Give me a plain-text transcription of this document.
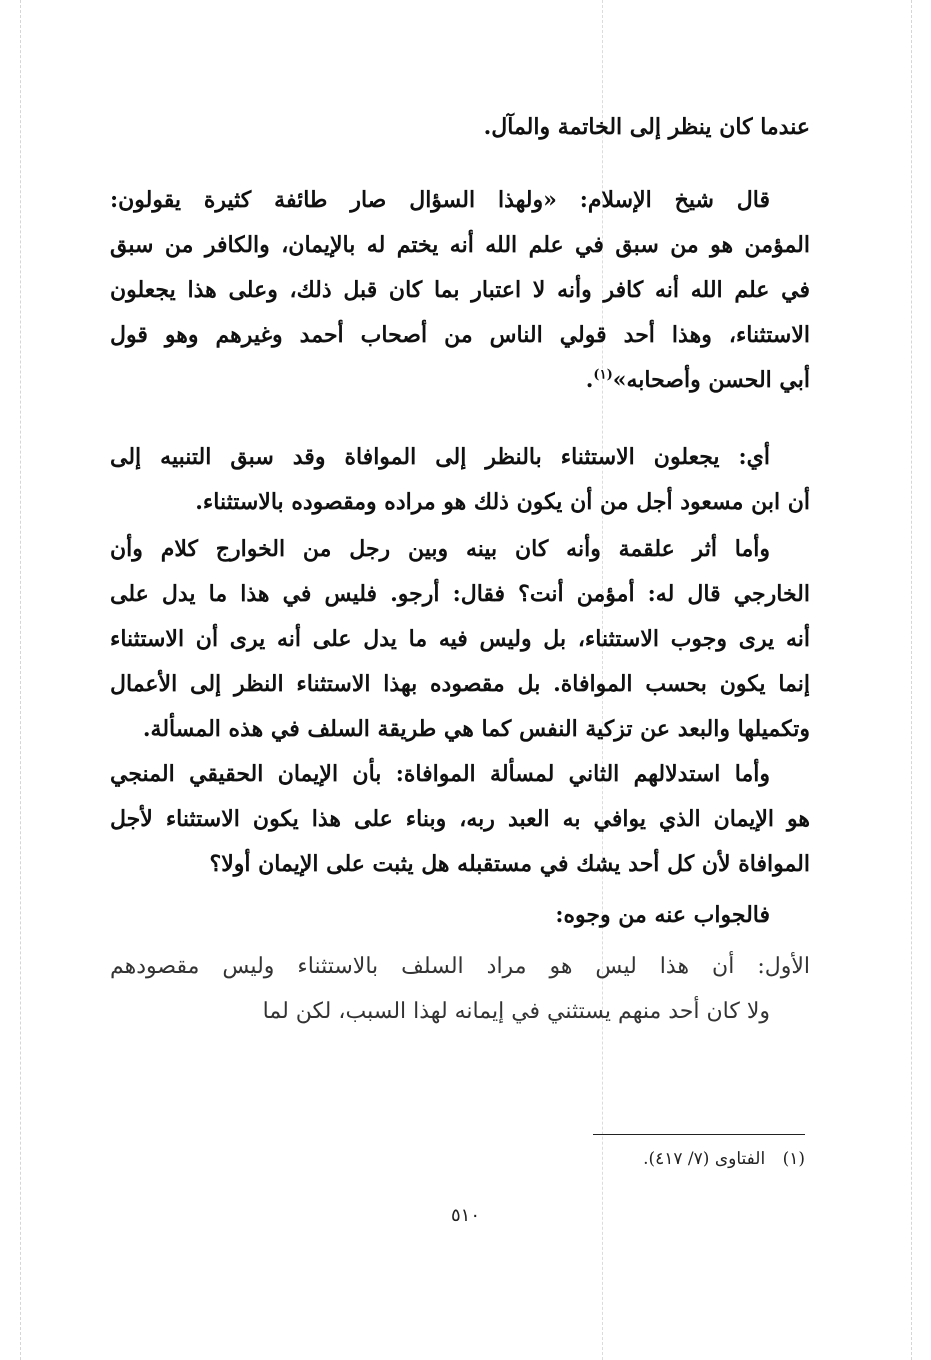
عندما كان ينظر إلى الخاتمة والمآل.

قال شيخ الإسلام: «ولهذا السؤال صار طائفة كثيرة يقولون:
المؤمن هو من سبق في علم الله أنه يختم له بالإيمان، والكافر من سبق
في علم الله أنه كافر وأنه لا اعتبار بما كان قبل ذلك، وعلى هذا يجعلون
الاستثناء، وهذا أحد قولي الناس من أصحاب أحمد وغيرهم وهو قول
أبي الحسن وأصحابه»$^{(١)}$.

أي: يجعلون الاستثناء بالنظر إلى الموافاة وقد سبق التنبيه إلى
أن ابن مسعود أجل من أن يكون ذلك هو مراده ومقصوده بالاستثناء.

وأما أثر علقمة وأنه كان بينه وبين رجل من الخوارج كلام وأن
الخارجي قال له: أمؤمن أنت؟ فقال: أرجو. فليس في هذا ما يدل على
أنه يرى وجوب الاستثناء، بل وليس فيه ما يدل على أنه يرى أن الاستثناء
إنما يكون بحسب الموافاة. بل مقصوده بهذا الاستثناء النظر إلى الأعمال
وتكميلها والبعد عن تزكية النفس كما هي طريقة السلف في هذه المسألة.

وأما استدلالهم الثاني لمسألة الموافاة: بأن الإيمان الحقيقي المنجي
هو الإيمان الذي يوافي به العبد ربه، وبناء على هذا يكون الاستثناء لأجل
الموافاة لأن كل أحد يشك في مستقبله هل يثبت على الإيمان أولا؟

فالجواب عنه من وجوه:

الأول: أن هذا ليس هو مراد السلف بالاستثناء وليس مقصودهم
ولا كان أحد منهم يستثني في إيمانه لهذا السبب، لكن لما

(١) الفتاوى (٧/ ٤١٧).
٥١٠
